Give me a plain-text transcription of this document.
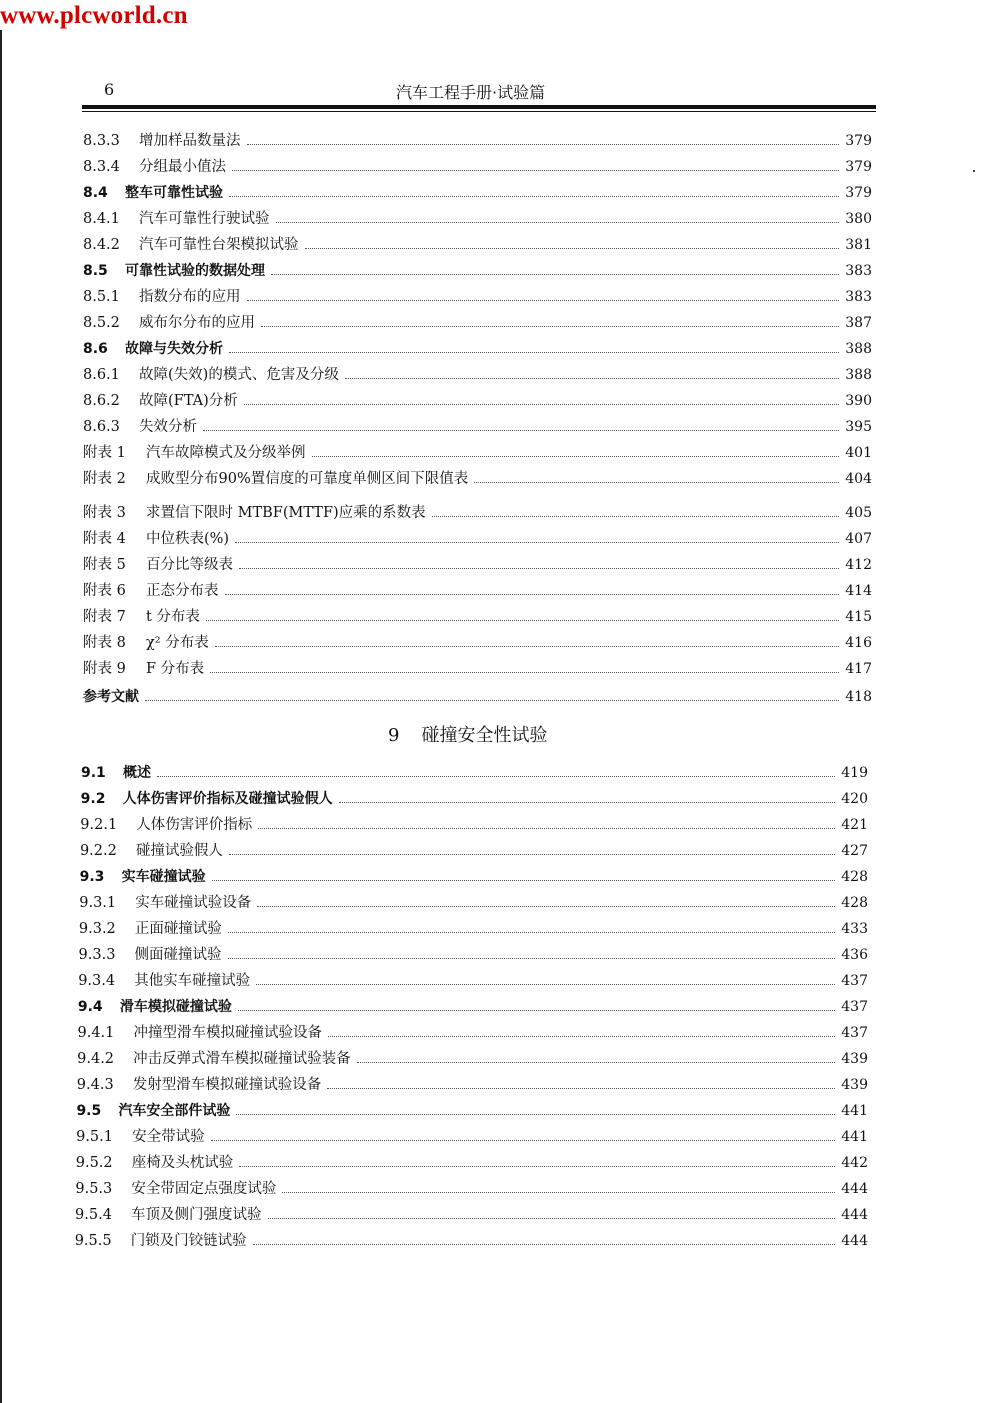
www.plcworld.cn
6	汽车工程手册·试验篇
8.3.3	增加样品数量法	379
8.3.4	分组最小值法	379
8.4	整车可靠性试验	379
8.4.1	汽车可靠性行驶试验	380
8.4.2	汽车可靠性台架模拟试验	381
8.5	可靠性试验的数据处理	383
8.5.1	指数分布的应用	383
8.5.2	威布尔分布的应用	387
8.6	故障与失效分析	388
8.6.1	故障(失效)的模式、危害及分级	388
8.6.2	故障(FTA)分析	390
8.6.3	失效分析	395
附表 1	汽车故障模式及分级举例	401
附表 2	成败型分布90%置信度的可靠度单侧区间下限值表	404
附表 3	求置信下限时 MTBF(MTTF)应乘的系数表	405
附表 4	中位秩表(%)	407
附表 5	百分比等级表	412
附表 6	正态分布表	414
附表 7	t 分布表	415
附表 8	χ² 分布表	416
附表 9	F 分布表	417
参考文献	418
9.1	概述	419
9.2	人体伤害评价指标及碰撞试验假人	420
9.2.1	人体伤害评价指标	421
9.2.2	碰撞试验假人	427
9.3	实车碰撞试验	428
9.3.1	实车碰撞试验设备	428
9.3.2	正面碰撞试验	433
9.3.3	侧面碰撞试验	436
9.3.4	其他实车碰撞试验	437
9.4	滑车模拟碰撞试验	437
9.4.1	冲撞型滑车模拟碰撞试验设备	437
9.4.2	冲击反弹式滑车模拟碰撞试验装备	439
9.4.3	发射型滑车模拟碰撞试验设备	439
9.5	汽车安全部件试验	441
9.5.1	安全带试验	441
9.5.2	座椅及头枕试验	442
9.5.3	安全带固定点强度试验	444
9.5.4	车顶及侧门强度试验	444
9.5.5	门锁及门铰链试验	444
9 碰撞安全性试验
